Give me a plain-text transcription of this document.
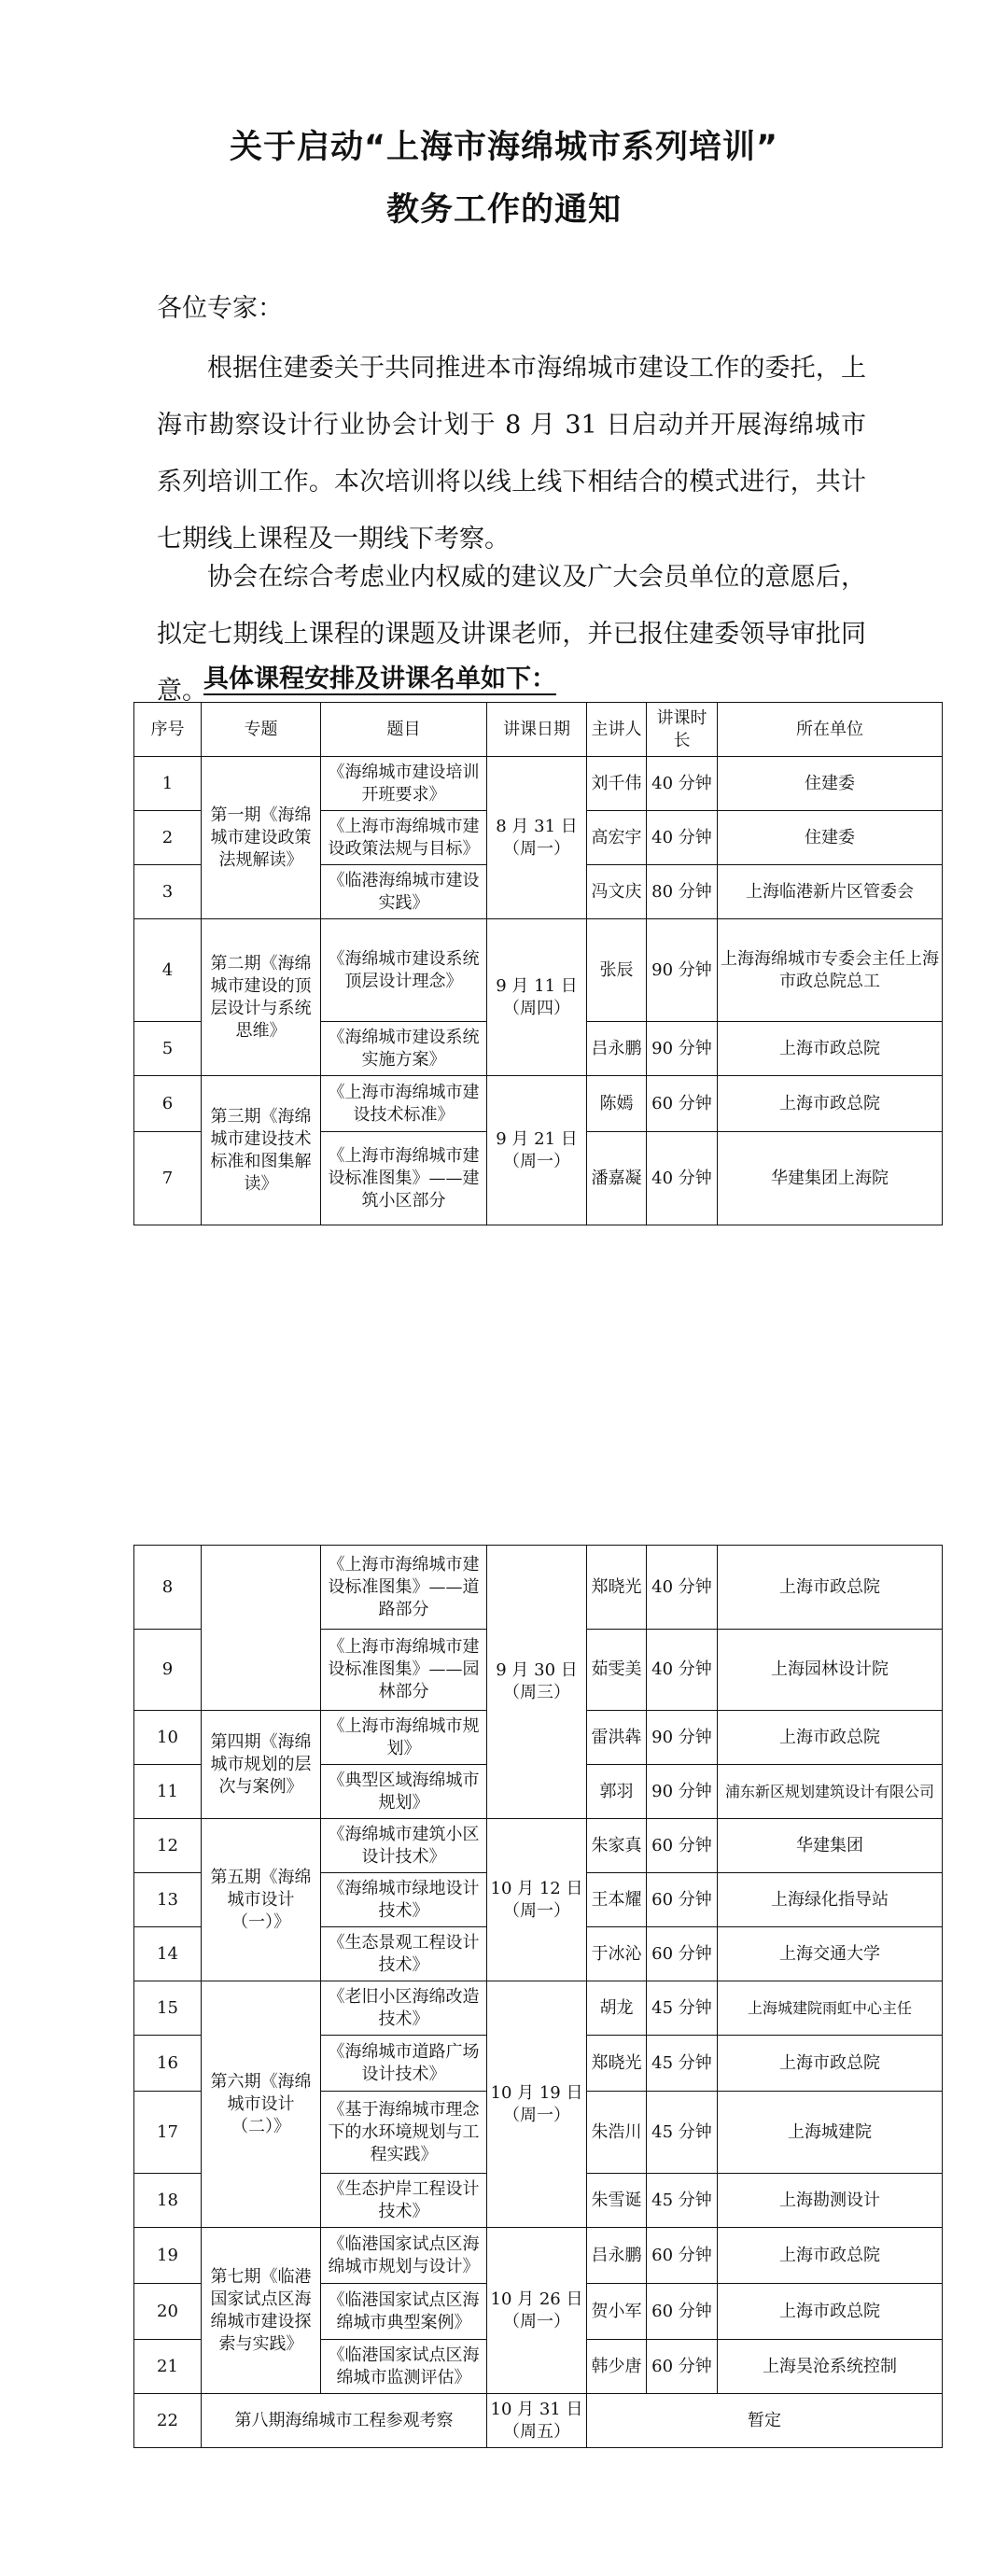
关于启动“上海市海绵城市系列培训”
教务工作的通知
各位专家：
根据住建委关于共同推进本市海绵城市建设工作的委托，上海市勘察设计行业协会计划于 8 月 31 日启动并开展海绵城市系列培训工作。本次培训将以线上线下相结合的模式进行，共计七期线上课程及一期线下考察。
协会在综合考虑业内权威的建议及广大会员单位的意愿后，拟定七期线上课程的课题及讲课老师，并已报住建委领导审批同意。
具体课程安排及讲课名单如下：
序号	专题	题目	讲课日期	主讲人	讲课时长	所在单位
1	第一期《海绵城市建设政策法规解读》	《海绵城市建设培训开班要求》	8 月 31 日（周一）	刘千伟	40 分钟	住建委
2		《上海市海绵城市建设政策法规与目标》		高宏宇	40 分钟	住建委
3		《临港海绵城市建设实践》		冯文庆	80 分钟	上海临港新片区管委会
4	第二期《海绵城市建设的顶层设计与系统思维》	《海绵城市建设系统顶层设计理念》	9 月 11 日（周四）	张辰	90 分钟	上海海绵城市专委会主任上海市政总院总工
5		《海绵城市建设系统实施方案》		吕永鹏	90 分钟	上海市政总院
6	第三期《海绵城市建设技术标准和图集解读》	《上海市海绵城市建设技术标准》	9 月 21 日（周一）	陈嫣	60 分钟	上海市政总院
7		《上海市海绵城市建设标准图集》——建筑小区部分		潘嘉凝	40 分钟	华建集团上海院
8		《上海市海绵城市建设标准图集》——道路部分	9 月 30 日（周三）	郑晓光	40 分钟	上海市政总院
9		《上海市海绵城市建设标准图集》——园林部分		茹雯美	40 分钟	上海园林设计院
10	第四期《海绵城市规划的层次与案例》	《上海市海绵城市规划》		雷洪犇	90 分钟	上海市政总院
11		《典型区域海绵城市规划》		郭羽	90 分钟	浦东新区规划建筑设计有限公司
12	第五期《海绵城市设计（一）》	《海绵城市建筑小区设计技术》	10 月 12 日（周一）	朱家真	60 分钟	华建集团
13		《海绵城市绿地设计技术》		王本耀	60 分钟	上海绿化指导站
14		《生态景观工程设计技术》		于冰沁	60 分钟	上海交通大学
15	第六期《海绵城市设计（二）》	《老旧小区海绵改造技术》	10 月 19 日（周一）	胡龙	45 分钟	上海城建院雨虹中心主任
16		《海绵城市道路广场设计技术》		郑晓光	45 分钟	上海市政总院
17		《基于海绵城市理念下的水环境规划与工程实践》		朱浩川	45 分钟	上海城建院
18		《生态护岸工程设计技术》		朱雪诞	45 分钟	上海勘测设计
19	第七期《临港国家试点区海绵城市建设探索与实践》	《临港国家试点区海绵城市规划与设计》	10 月 26 日（周一）	吕永鹏	60 分钟	上海市政总院
20		《临港国家试点区海绵城市典型案例》		贺小军	60 分钟	上海市政总院
21		《临港国家试点区海绵城市监测评估》		韩少唐	60 分钟	上海昊沧系统控制
22	第八期海绵城市工程参观考察		10 月 31 日（周五）	暂定		
